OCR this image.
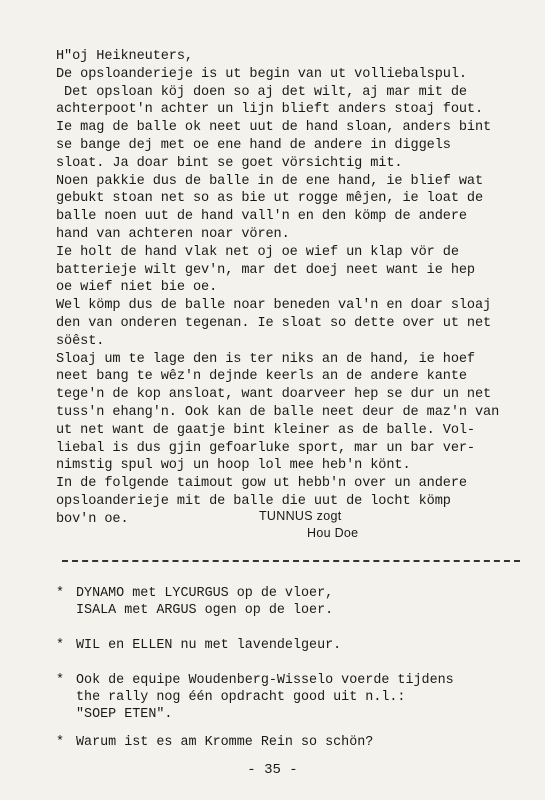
H"oj Heikneuters,
De opsloanderieje is ut begin van ut volliebalspul.
Det opsloan köj doen so aj det wilt, aj mar mit de
achterpoot'n achter un lijn blieft anders stoaj fout.
Ie mag de balle ok neet uut de hand sloan, anders bint
se bange dej met oe ene hand de andere in diggels
sloat. Ja doar bint se goet vörsichtig mit.
Noen pakkie dus de balle in de ene hand, ie blief wat
gebukt stoan net so as bie ut rogge mêjen, ie loat de
balle noen uut de hand vall'n en den kömp de andere
hand van achteren noar vören.
Ie holt de hand vlak net oj oe wief un klap vör de
batterieje wilt gev'n, mar det doej neet want ie hep
oe wief niet bie oe.
Wel kömp dus de balle noar beneden val'n en doar sloaj
den van onderen tegenan. Ie sloat so dette over ut net
söêst.
Sloaj um te lage den is ter niks an de hand, ie hoef
neet bang te wêz'n dejnde keerls an de andere kante
tege'n de kop ansloat, want doarveer hep se dur un net
tuss'n ehang'n. Ook kan de balle neet deur de maz'n van
ut net want de gaatje bint kleiner as de balle. Vol-
liebal is dus gjin gefoarluke sport, mar un bar ver-
nimstig spul woj un hoop lol mee heb'n könt.
In de folgende taimout gow ut hebb'n over un andere
opsloanderieje mit de balle die uut de locht kömp
bov'n oe.	TUNNUS zogt
Hou Doe
* DYNAMO met LYCURGUS op de vloer,
ISALA met ARGUS ogen op de loer.
* WIL en ELLEN nu met lavendelgeur.
* Ook de equipe Woudenberg-Wisselo voerde tijdens
the rally nog één opdracht good uit n.l.:
"SOEP ETEN".
* Warum ist es am Kromme Rein so schön?
- 35 -
